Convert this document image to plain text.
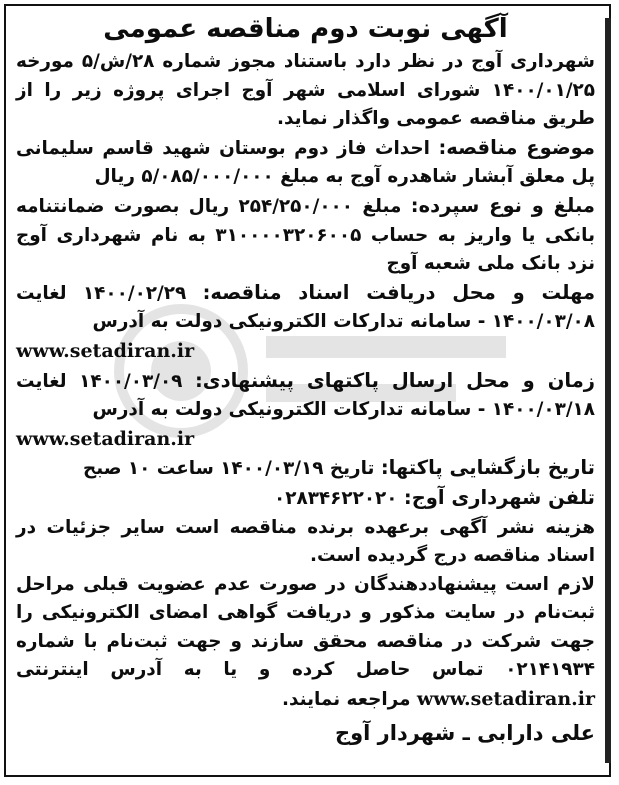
آگهی نوبت دوم مناقصه عمومی

شهرداری آوج در نظر دارد باستناد مجوز شماره ۲۸/ش/۵ مورخه ۱۴۰۰/۰۱/۲۵ شورای اسلامی شهر آوج اجرای پروژه زیر را از طریق مناقصه عمومی واگذار نماید.

موضوع مناقصه: احداث فاز دوم بوستان شهید قاسم سلیمانی پل معلق آبشار شاهدره آوج به مبلغ ۵/۰۸۵/۰۰۰/۰۰۰ ریال

مبلغ و نوع سپرده: مبلغ ۲۵۴/۲۵۰/۰۰۰ ریال بصورت ضمانتنامه بانکی یا واریز به حساب ۳۱۰۰۰۰۳۲۰۶۰۰۵ به نام شهرداری آوج نزد بانک ملی شعبه آوج

مهلت و محل دریافت اسناد مناقصه: ۱۴۰۰/۰۲/۲۹ لغایت ۱۴۰۰/۰۳/۰۸ - سامانه تدارکات الکترونیکی دولت به آدرس

www.setadiran.ir

زمان و محل ارسال پاکتهای پیشنهادی: ۱۴۰۰/۰۳/۰۹ لغایت ۱۴۰۰/۰۳/۱۸ - سامانه تدارکات الکترونیکی دولت به آدرس

www.setadiran.ir

تاریخ بازگشایی پاکتها: تاریخ ۱۴۰۰/۰۳/۱۹ ساعت ۱۰ صبح

تلفن شهرداری آوج: ۰۲۸۳۴۶۲۲۰۲۰

هزینه نشر آگهی برعهده برنده مناقصه است سایر جزئیات در اسناد مناقصه درج گردیده است.

لازم است پیشنهاددهندگان در صورت عدم عضویت قبلی مراحل ثبت‌نام در سایت مذکور و دریافت گواهی امضای الکترونیکی را جهت شرکت در مناقصه محقق سازند و جهت ثبت‌نام با شماره ۰۲۱۴۱۹۳۴ تماس حاصل کرده و یا به آدرس اینترنتی www.setadiran.ir مراجعه نمایند.

علی دارابی ـ شهردار آوج
